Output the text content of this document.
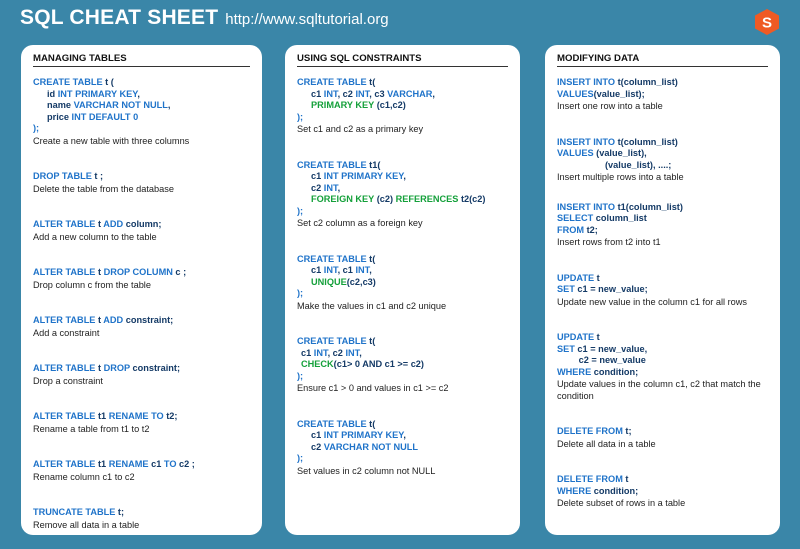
SQL CHEAT SHEET http://www.sqltutorial.org	S
MANAGING TABLES
CREATE TABLE t (
id INT PRIMARY KEY,
name VARCHAR NOT NULL,
price INT DEFAULT 0
);
Create a new table with three columns
DROP TABLE t ;
Delete the table from the database
ALTER TABLE t ADD column;
Add a new column to the table
ALTER TABLE t DROP COLUMN c ;
Drop column c from the table
ALTER TABLE t ADD constraint;
Add a constraint
ALTER TABLE t DROP constraint;
Drop a constraint
ALTER TABLE t1 RENAME TO t2;
Rename a table from t1 to t2
ALTER TABLE t1 RENAME c1 TO c2 ;
Rename column c1 to c2
TRUNCATE TABLE t;
Remove all data in a table
USING SQL CONSTRAINTS
CREATE TABLE t(
c1 INT, c2 INT, c3 VARCHAR,
PRIMARY KEY (c1,c2)
);
Set c1 and c2 as a primary key
CREATE TABLE t1(
c1 INT PRIMARY KEY,
c2 INT,
FOREIGN KEY (c2) REFERENCES t2(c2)
);
Set c2 column as a foreign key
CREATE TABLE t(
c1 INT, c1 INT,
UNIQUE(c2,c3)
);
Make the values in c1 and c2 unique
CREATE TABLE t(
c1 INT, c2 INT,
CHECK(c1> 0 AND c1 >= c2)
);
Ensure c1 > 0 and values in c1 >= c2
CREATE TABLE t(
c1 INT PRIMARY KEY,
c2 VARCHAR NOT NULL
);
Set values in c2 column not NULL
MODIFYING DATA
INSERT INTO t(column_list)
VALUES(value_list);
Insert one row into a table
INSERT INTO t(column_list)
VALUES (value_list),
(value_list), ....;
Insert multiple rows into a table
INSERT INTO t1(column_list)
SELECT column_list
FROM t2;
Insert rows from t2 into t1
UPDATE t
SET c1 = new_value;
Update new value in the column c1 for all rows
UPDATE t
SET c1 = new_value,
c2 = new_value
WHERE condition;
Update values in the column c1, c2 that match the condition
DELETE FROM t;
Delete all data in a table
DELETE FROM t
WHERE condition;
Delete subset of rows in a table
